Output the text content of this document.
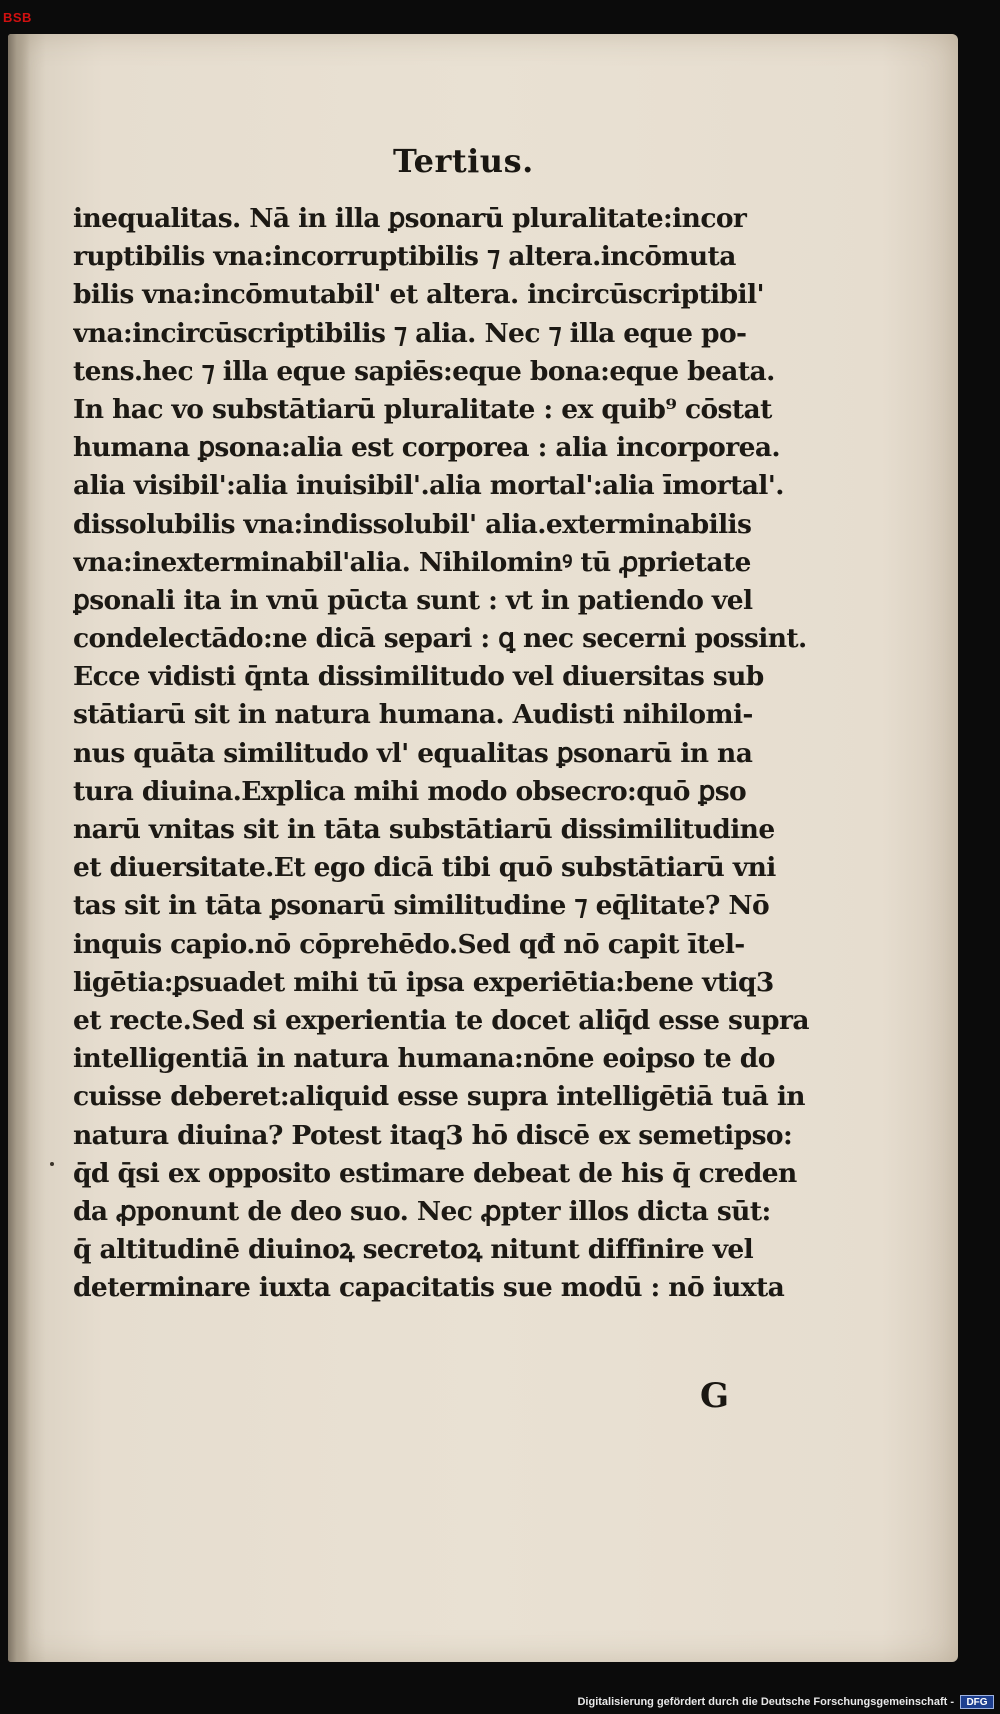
BSB
Tertius.
inequalitas. Nā in illa ꝑsonarū pluralitate:incor
ruptibilis vna:incorruptibilis ⁊ altera.incōmuta
bilis vna:incōmutabil' et altera. incircūscriptibil'
vna:incircūscriptibilis ⁊ alia. Nec ⁊ illa eque po-
tens.hec ⁊ illa eque sapiēs:eque bona:eque beata.
In hac vo substātiarū pluralitate : ex quib⁹ cōstat
humana ꝑsona:alia est corporea : alia incorporea.
alia visibil':alia inuisibil'.alia mortal':alia īmortal'.
dissolubilis vna:indissolubil' alia.exterminabilis
vna:inexterminabil'alia. Nihilominꝰ tū ꝓprietate
ꝑsonali ita in vnū pūcta sunt : vt in patiendo vel
condelectādo:ne dicā separi : ꝗ nec secerni possint.
Ecce vidisti q̄nta dissimilitudo vel diuersitas sub
stātiarū sit in natura humana. Audisti nihilomi-
nus quāta similitudo vl' equalitas ꝑsonarū in na
tura diuina.Explica mihi modo obsecro:quō ꝑso
narū vnitas sit in tāta substātiarū dissimilitudine
et diuersitate.Et ego dicā tibi quō substātiarū vni
tas sit in tāta ꝑsonarū similitudine ⁊ eq̄litate? Nō
inquis capio.nō cōprehēdo.Sed qđ nō capit ītel-
ligētia:ꝑsuadet mihi tū ipsa experiētia:bene vtiq3
et recte.Sed si experientia te docet aliq̄d esse supra
intelligentiā in natura humana:nōne eoipso te do
cuisse deberet:aliquid esse supra intelligētiā tuā in
natura diuina? Potest itaq3 hō discē ex semetipso:
q̄d q̄si ex opposito estimare debeat de his q̄ creden
da ꝓponunt de deo suo. Nec ꝓpter illos dicta sūt:
q̄ altitudinē diuinoꝝ secretoꝝ nitunt diffinire vel
determinare iuxta capacitatis sue modū : nō iuxta
G
Digitalisierung gefördert durch die Deutsche Forschungsgemeinschaft -	DFG
